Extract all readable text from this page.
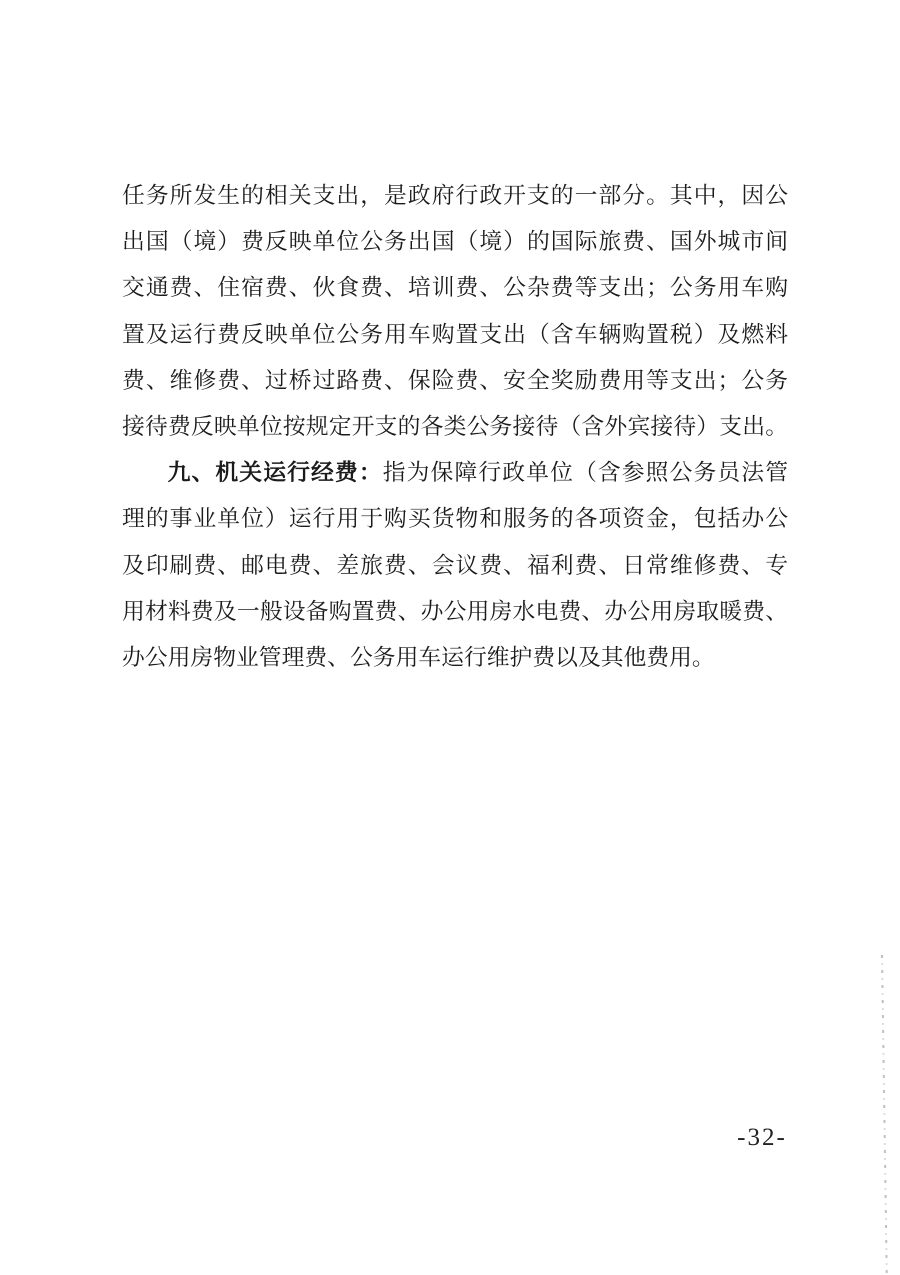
任务所发生的相关支出，是政府行政开支的一部分。其中，因公
出国（境）费反映单位公务出国（境）的国际旅费、国外城市间
交通费、住宿费、伙食费、培训费、公杂费等支出；公务用车购
置及运行费反映单位公务用车购置支出（含车辆购置税）及燃料
费、维修费、过桥过路费、保险费、安全奖励费用等支出；公务
接待费反映单位按规定开支的各类公务接待（含外宾接待）支出。
九、机关运行经费：指为保障行政单位（含参照公务员法管
理的事业单位）运行用于购买货物和服务的各项资金，包括办公
及印刷费、邮电费、差旅费、会议费、福利费、日常维修费、专
用材料费及一般设备购置费、办公用房水电费、办公用房取暖费、
办公用房物业管理费、公务用车运行维护费以及其他费用。
-32-
